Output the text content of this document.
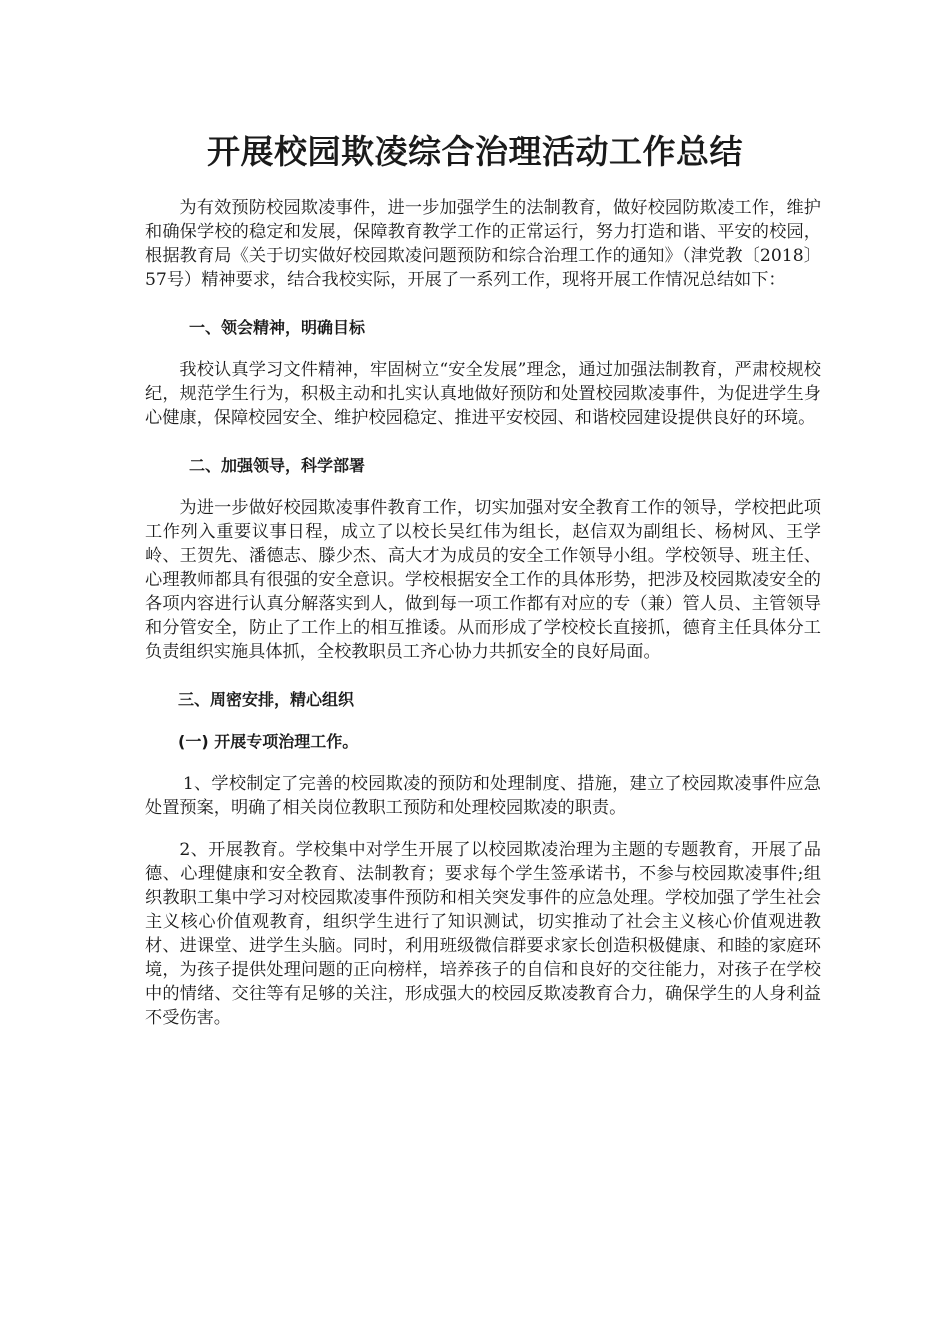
开展校园欺凌综合治理活动工作总结

为有效预防校园欺凌事件，进一步加强学生的法制教育，做好校园防欺凌工作，维护和确保学校的稳定和发展，保障教育教学工作的正常运行，努力打造和谐、平安的校园，根据教育局《关于切实做好校园欺凌问题预防和综合治理工作的通知》（津党教〔2018〕57号）精神要求，结合我校实际，开展了一系列工作，现将开展工作情况总结如下：

一、领会精神，明确目标

我校认真学习文件精神，牢固树立“安全发展”理念，通过加强法制教育，严肃校规校纪，规范学生行为，积极主动和扎实认真地做好预防和处置校园欺凌事件，为促进学生身心健康，保障校园安全、维护校园稳定、推进平安校园、和谐校园建设提供良好的环境。

二、加强领导，科学部署

为进一步做好校园欺凌事件教育工作，切实加强对安全教育工作的领导，学校把此项工作列入重要议事日程，成立了以校长吴红伟为组长，赵信双为副组长、杨树风、王学岭、王贺先、潘德志、滕少杰、高大才为成员的安全工作领导小组。学校领导、班主任、心理教师都具有很强的安全意识。学校根据安全工作的具体形势，把涉及校园欺凌安全的各项内容进行认真分解落实到人，做到每一项工作都有对应的专（兼）管人员、主管领导和分管安全，防止了工作上的相互推诿。从而形成了学校校长直接抓，德育主任具体分工负责组织实施具体抓，全校教职员工齐心协力共抓安全的良好局面。

三、周密安排，精心组织

(一) 开展专项治理工作。

1、学校制定了完善的校园欺凌的预防和处理制度、措施，建立了校园欺凌事件应急处置预案，明确了相关岗位教职工预防和处理校园欺凌的职责。

2、开展教育。学校集中对学生开展了以校园欺凌治理为主题的专题教育，开展了品德、心理健康和安全教育、法制教育；要求每个学生签承诺书，不参与校园欺凌事件;组织教职工集中学习对校园欺凌事件预防和相关突发事件的应急处理。学校加强了学生社会主义核心价值观教育，组织学生进行了知识测试，切实推动了社会主义核心价值观进教材、进课堂、进学生头脑。同时，利用班级微信群要求家长创造积极健康、和睦的家庭环境，为孩子提供处理问题的正向榜样，培养孩子的自信和良好的交往能力，对孩子在学校中的情绪、交往等有足够的关注，形成强大的校园反欺凌教育合力，确保学生的人身利益不受伤害。
